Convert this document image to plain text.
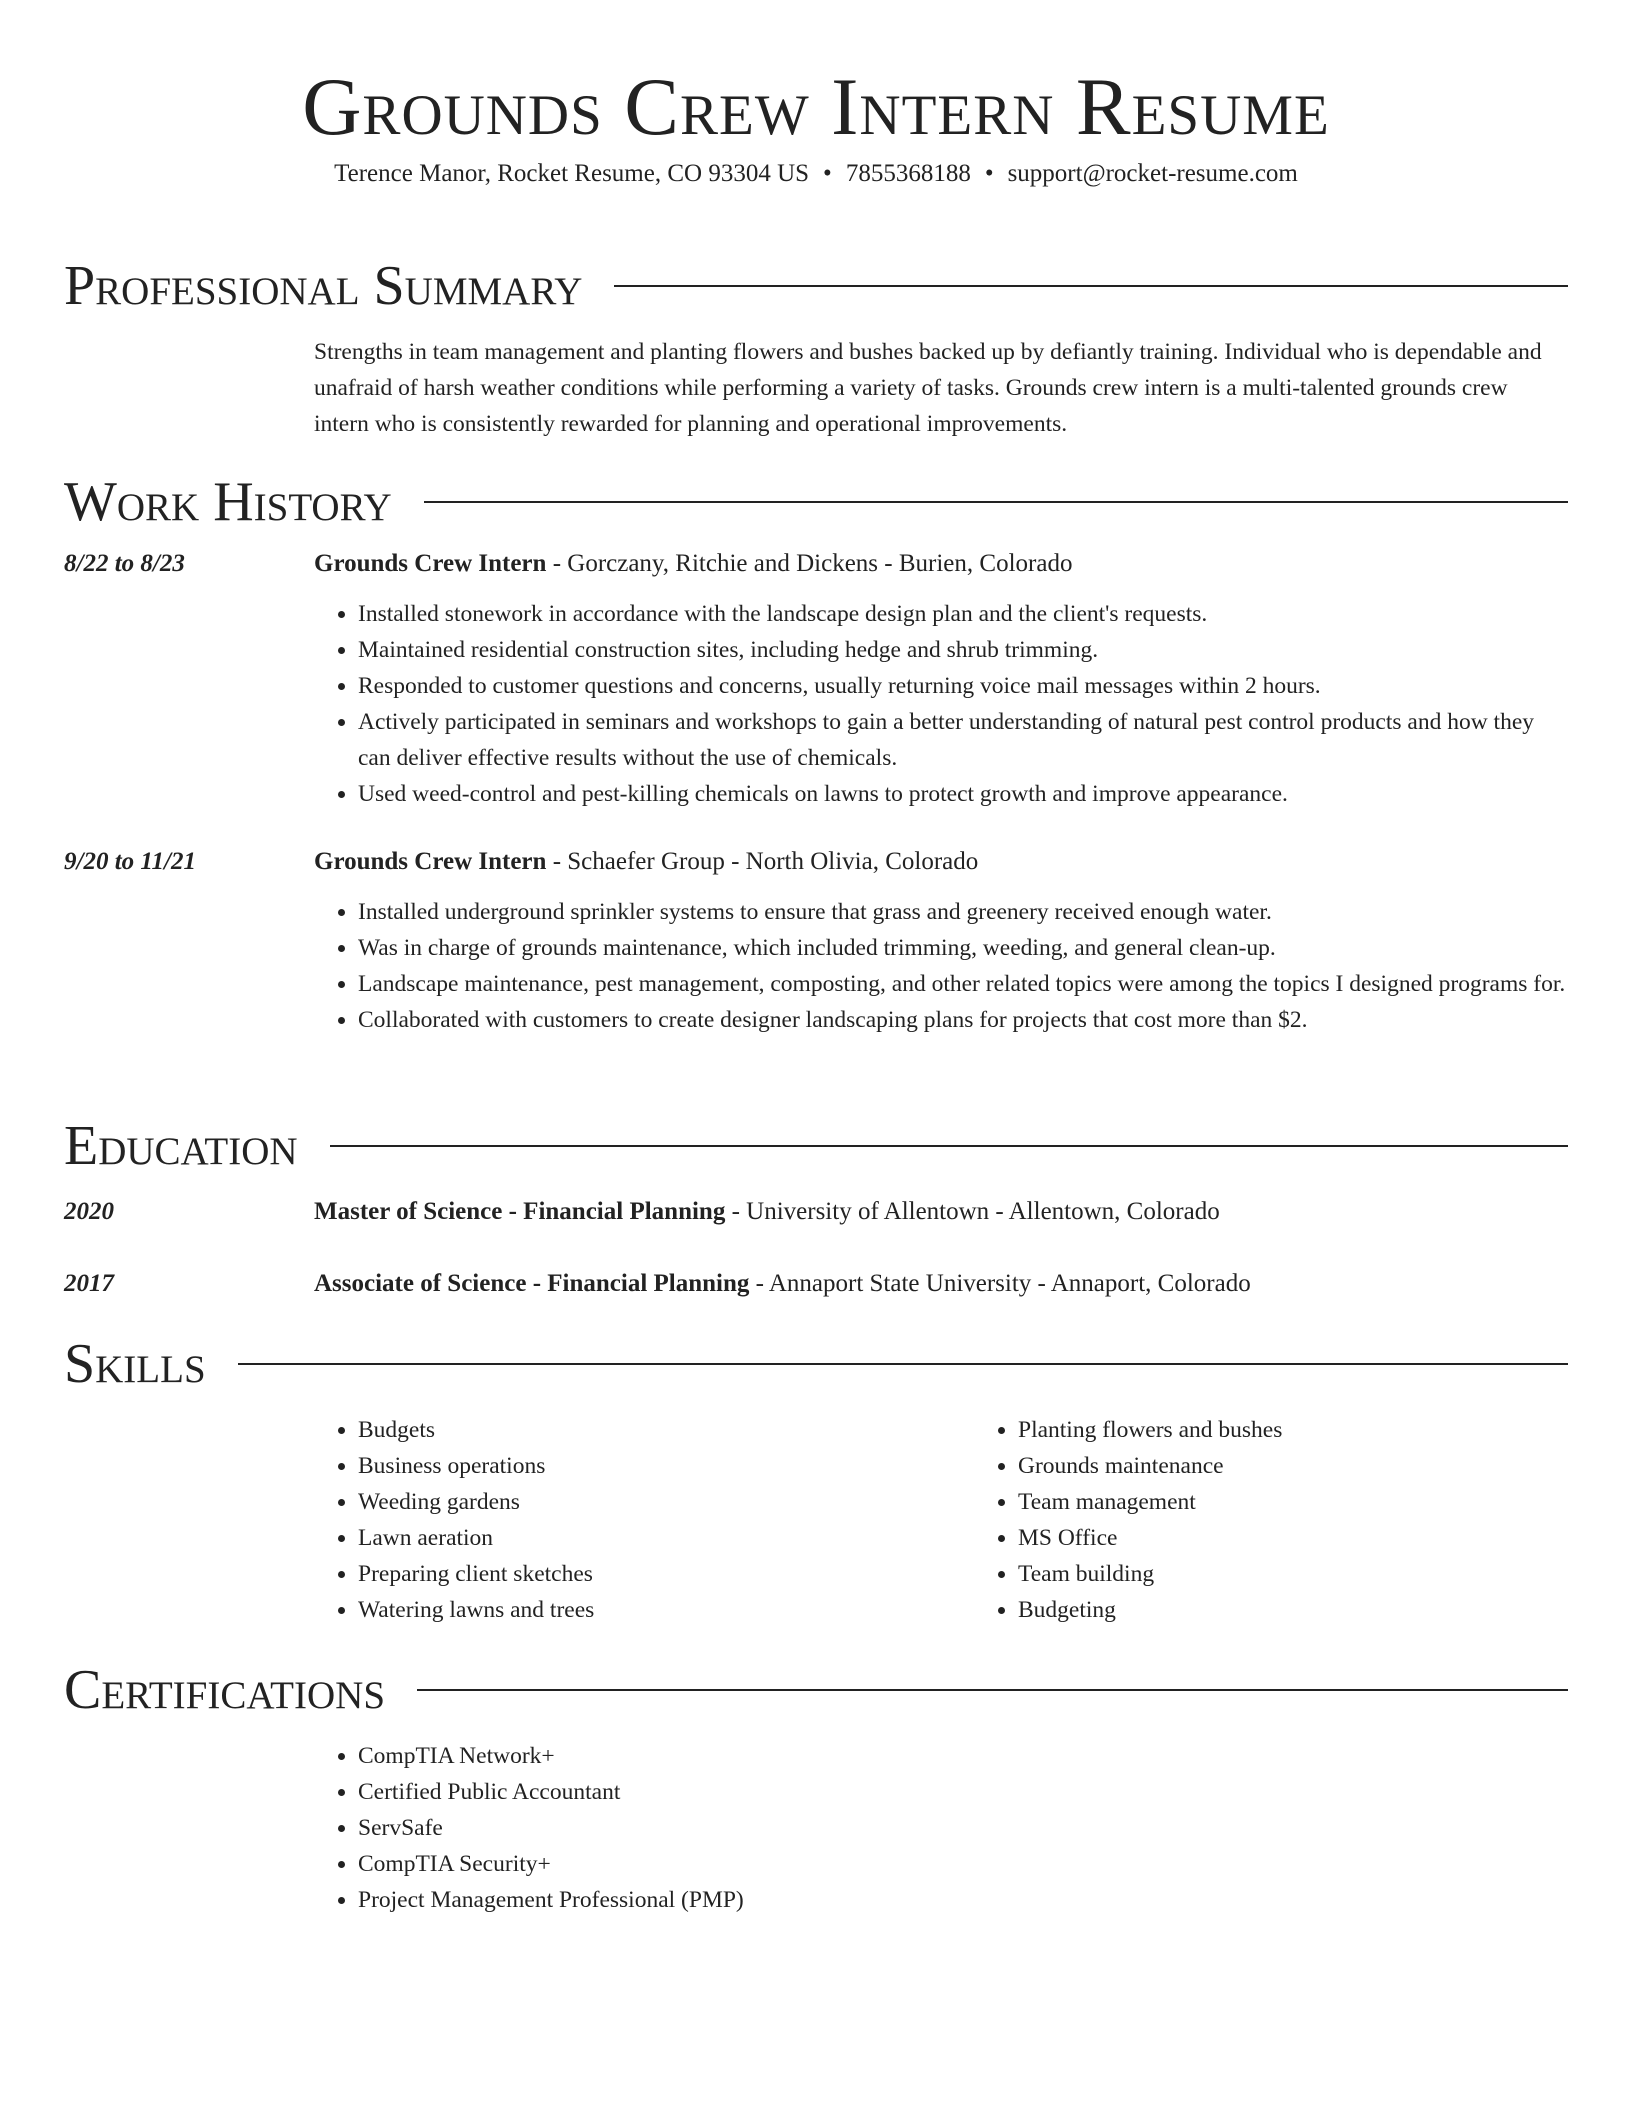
Grounds Crew Intern Resume
Terence Manor, Rocket Resume, CO 93304 US • 7855368188 • support@rocket-resume.com
Professional Summary

Strengths in team management and planting flowers and bushes backed up by defiantly training. Individual who is dependable and unafraid of harsh weather conditions while performing a variety of tasks. Grounds crew intern is a multi-talented grounds crew intern who is consistently rewarded for planning and operational improvements.

Work History
8/22 to 8/23	Grounds Crew Intern - Gorczany, Ritchie and Dickens - Burien, Colorado
• Installed stonework in accordance with the landscape design plan and the client's requests.
• Maintained residential construction sites, including hedge and shrub trimming.
• Responded to customer questions and concerns, usually returning voice mail messages within 2 hours.
• Actively participated in seminars and workshops to gain a better understanding of natural pest control products and how they can deliver effective results without the use of chemicals.
• Used weed-control and pest-killing chemicals on lawns to protect growth and improve appearance.
9/20 to 11/21	Grounds Crew Intern - Schaefer Group - North Olivia, Colorado
• Installed underground sprinkler systems to ensure that grass and greenery received enough water.
• Was in charge of grounds maintenance, which included trimming, weeding, and general clean-up.
• Landscape maintenance, pest management, composting, and other related topics were among the topics I designed programs for.
• Collaborated with customers to create designer landscaping plans for projects that cost more than $2.
Education
2020	Master of Science - Financial Planning - University of Allentown - Allentown, Colorado
2017	Associate of Science - Financial Planning - Annaport State University - Annaport, Colorado
Skills
• Budgets
• Business operations
• Weeding gardens
• Lawn aeration
• Preparing client sketches
• Watering lawns and trees
• Planting flowers and bushes
• Grounds maintenance
• Team management
• MS Office
• Team building
• Budgeting
Certifications
• CompTIA Network+
• Certified Public Accountant
• ServSafe
• CompTIA Security+
• Project Management Professional (PMP)
